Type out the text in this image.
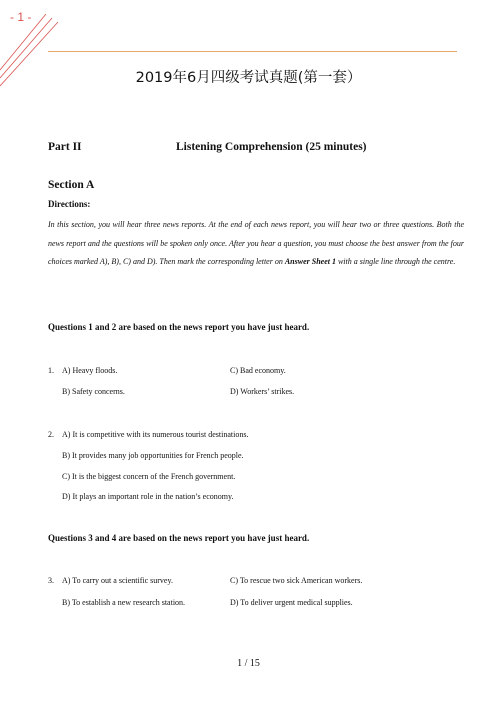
- 1 -
2019年6月四级考试真题(第一套）
Part II	Listening Comprehension (25 minutes)
Section A
Directions:
In this section, you will hear three news reports. At the end of each news report, you will hear two or three questions. Both the news report and the questions will be spoken only once. After you hear a question, you must choose the best answer from the four choices marked A), B), C) and D). Then mark the corresponding letter on Answer Sheet 1 with a single line through the centre.
Questions 1 and 2 are based on the news report you have just heard.
1. A) Heavy floods.	C) Bad economy.
B) Safety concerns.	D) Workers’ strikes.
2. A) It is competitive with its numerous tourist destinations.
B) It provides many job opportunities for French people.
C) It is the biggest concern of the French government.
D) It plays an important role in the nation’s economy.
Questions 3 and 4 are based on the news report you have just heard.
3. A) To carry out a scientific survey.	C) To rescue two sick American workers.
B) To establish a new research station.	D) To deliver urgent medical supplies.
1 / 15
